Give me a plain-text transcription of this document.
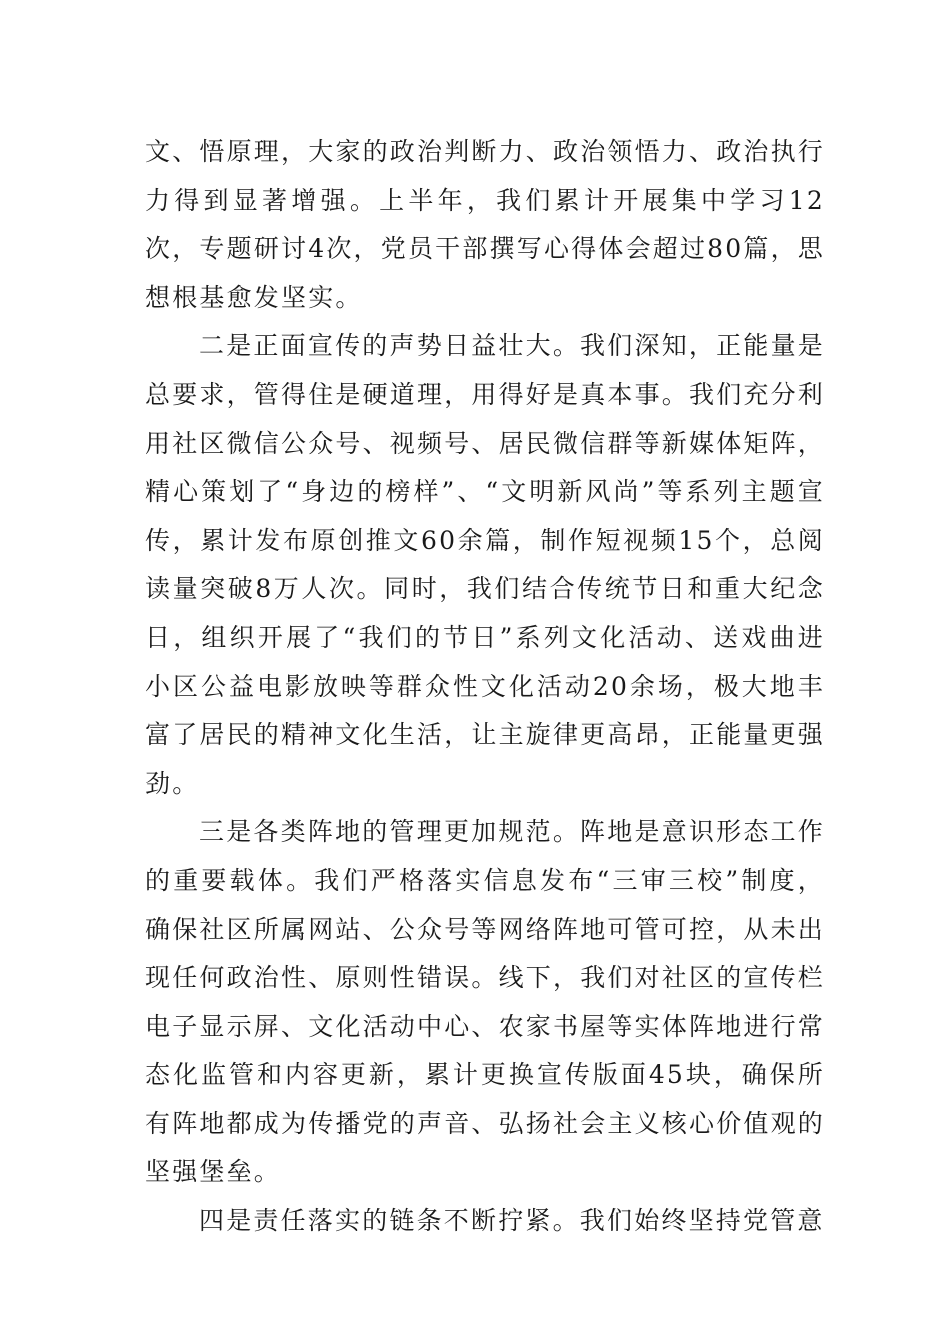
文、悟原理，大家的政治判断力、政治领悟力、政治执行力得到显著增强。上半年，我们累计开展集中学习12次，专题研讨4次，党员干部撰写心得体会超过80篇，思想根基愈发坚实。

二是正面宣传的声势日益壮大。我们深知，正能量是总要求，管得住是硬道理，用得好是真本事。我们充分利用社区微信公众号、视频号、居民微信群等新媒体矩阵，精心策划了“身边的榜样”、“文明新风尚”等系列主题宣传，累计发布原创推文60余篇，制作短视频15个，总阅读量突破8万人次。同时，我们结合传统节日和重大纪念日，组织开展了“我们的节日”系列文化活动、送戏曲进小区公益电影放映等群众性文化活动20余场，极大地丰富了居民的精神文化生活，让主旋律更高昂，正能量更强劲。

三是各类阵地的管理更加规范。阵地是意识形态工作的重要载体。我们严格落实信息发布“三审三校”制度，确保社区所属网站、公众号等网络阵地可管可控，从未出现任何政治性、原则性错误。线下，我们对社区的宣传栏电子显示屏、文化活动中心、农家书屋等实体阵地进行常态化监管和内容更新，累计更换宣传版面45块，确保所有阵地都成为传播党的声音、弘扬社会主义核心价值观的坚强堡垒。

四是责任落实的链条不断拧紧。我们始终坚持党管意
